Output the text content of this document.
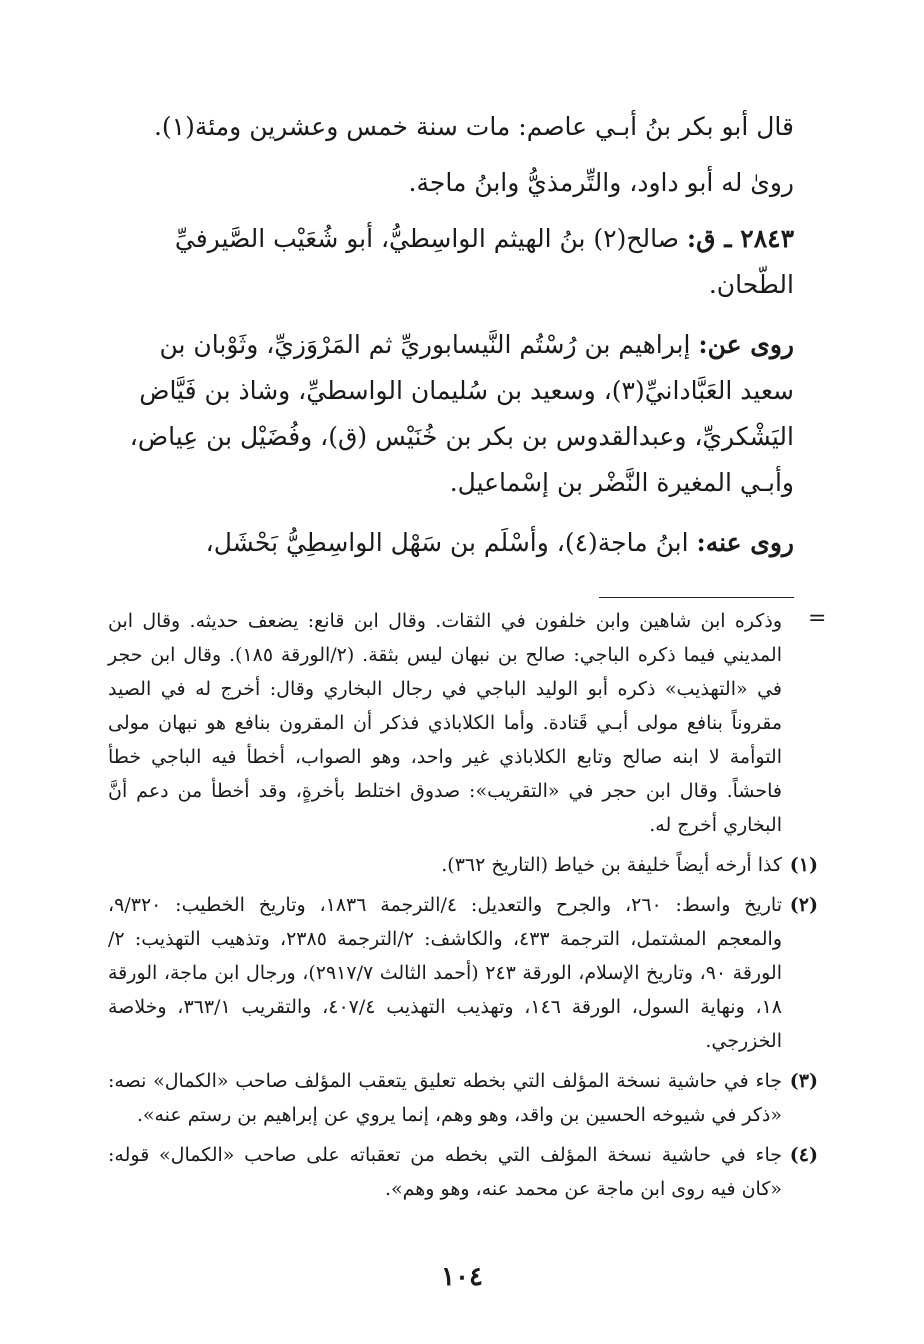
قال أبو بكر بنُ أبـي عاصم: مات سنة خمس وعشرين ومئة(١).

روىٰ له أبو داود، والتِّرمذيُّ وابنُ ماجة.

٢٨٤٣ ـ ق: صالح(٢) بنُ الهيثم الواسِطيُّ، أبو شُعَيْب الصَّيرفيِّ
الطّحان.

روى عن: إبراهيم بن رُسْتُم النَّيسابوريِّ ثم المَرْوَزيِّ، وثَوْبان بن
سعيد العَبَّادانيِّ(٣)، وسعيد بن سُليمان الواسطيِّ، وشاذ بن فَيَّاض
اليَشْكريِّ، وعبدالقدوس بن بكر بن خُنَيْس (ق)، وفُضَيْل بن عِياض،
وأبـي المغيرة النَّضْر بن إسْماعيل.

روى عنه: ابنُ ماجة(٤)، وأسْلَم بن سَهْل الواسِطِيُّ بَحْشَل،

=
وذكره ابن شاهين وابن خلفون في الثقات. وقال ابن قانع: يضعف حديثه. وقال ابن المديني فيما ذكره الباجي: صالح بن نبهان ليس بثقة. (٢/الورقة ١٨٥). وقال ابن حجر في «التهذيب» ذكره أبو الوليد الباجي في رجال البخاري وقال: أخرج له في الصيد مقروناً بنافع مولى أبـي قَتادة. وأما الكلاباذي فذكر أن المقرون بنافع هو نبهان مولى التوأمة لا ابنه صالح وتابع الكلاباذي غير واحد، وهو الصواب، أخطأ فيه الباجي خطأ فاحشاً. وقال ابن حجر في «التقريب»: صدوق اختلط بأخرةٍ، وقد أخطأ من دعم أنَّ البخاري أخرج له.
(١)
كذا أرخه أيضاً خليفة بن خياط (التاريخ ٣٦٢).
(٢)
تاريخ واسط: ٢٦٠، والجرح والتعديل: ٤/الترجمة ١٨٣٦، وتاريخ الخطيب: ٩/٣٢٠، والمعجم المشتمل، الترجمة ٤٣٣، والكاشف: ٢/الترجمة ٢٣٨٥، وتذهيب التهذيب: ٢/الورقة ٩٠، وتاريخ الإسلام، الورقة ٢٤٣ (أحمد الثالث ٢٩١٧/٧)، ورجال ابن ماجة، الورقة ١٨، ونهاية السول، الورقة ١٤٦، وتهذيب التهذيب ٤٠٧/٤، والتقريب ٣٦٣/١، وخلاصة الخزرجي.
(٣)
جاء في حاشية نسخة المؤلف التي بخطه تعليق يتعقب المؤلف صاحب «الكمال» نصه: «ذكر في شيوخه الحسين بن واقد، وهو وهم، إنما يروي عن إبراهيم بن رستم عنه».
(٤)
جاء في حاشية نسخة المؤلف التي بخطه من تعقباته على صاحب «الكمال» قوله: «كان فيه روى ابن ماجة عن محمد عنه، وهو وهم».
١٠٤
